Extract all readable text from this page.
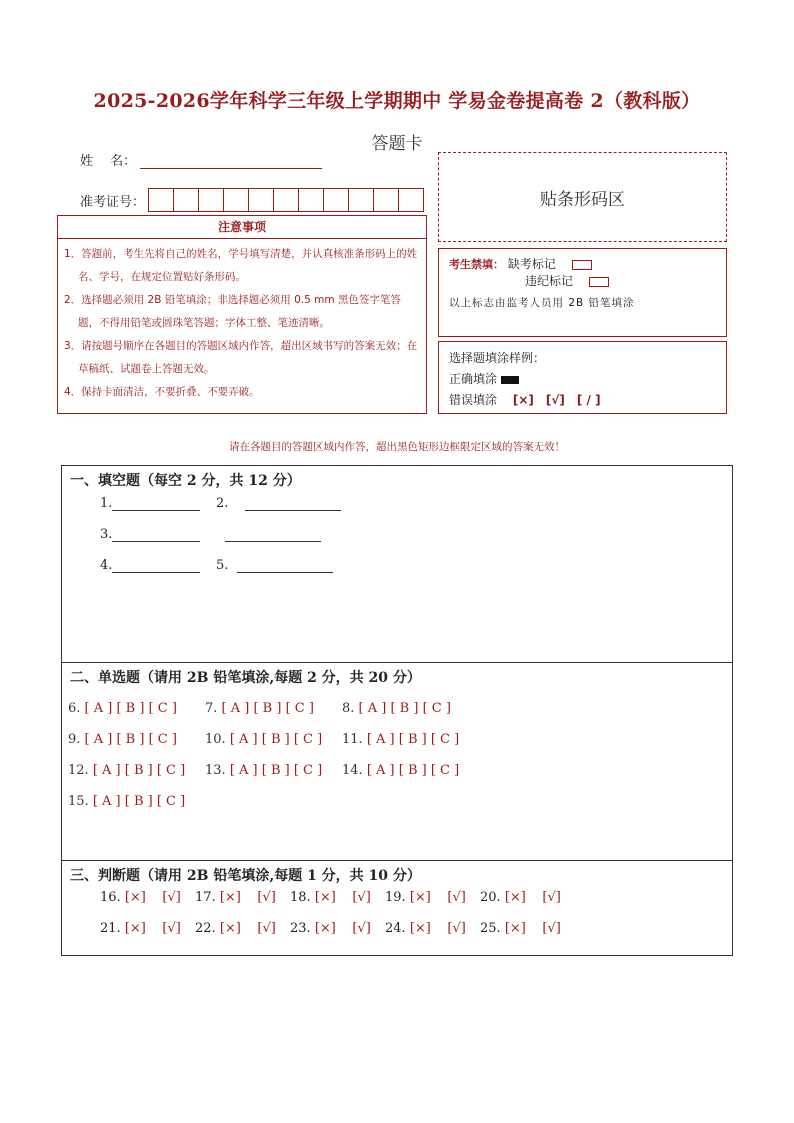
2025-2026学年科学三年级上学期期中 学易金卷提高卷 2（教科版）
答题卡
姓　 名：
准考证号：	贴条形码区
注意事项
1．答题前，考生先将自己的姓名，学号填写清楚，并认真核准条形码上的姓名、学号，在规定位置贴好条形码。
2．选择题必须用 2B 铅笔填涂；非选择题必须用 0.5 mm 黑色签字笔答题，不得用铅笔或圆珠笔答题；字体工整、笔迹清晰。
3．请按题号顺序在各题目的答题区域内作答，超出区域书写的答案无效；在草稿纸、试题卷上答题无效。
4．保持卡面清洁，不要折叠、不要弄破。
考生禁填： 缺考标记
违纪标记
以上标志由监考人员用 2B 铅笔填涂
选择题填涂样例：
正确填涂
错误填涂 [×]　[√]　[ / ]
请在各题目的答题区域内作答，超出黑色矩形边框限定区域的答案无效！
一、填空题（每空 2 分，共 12 分）
1.	2.
3.
4.	5.
二、单选题（请用 2B 铅笔填涂,每题 2 分，共 20 分）
6. [ A ] [ B ] [ C ] 7. [ A ] [ B ] [ C ] 8. [ A ] [ B ] [ C ]
9. [ A ] [ B ] [ C ] 10. [ A ] [ B ] [ C ] 11. [ A ] [ B ] [ C ]
12. [ A ] [ B ] [ C ] 13. [ A ] [ B ] [ C ] 14. [ A ] [ B ] [ C ]
15. [ A ] [ B ] [ C ]
三、判断题（请用 2B 铅笔填涂,每题 1 分，共 10 分）
16. [×] [√] 17. [×] [√] 18. [×] [√] 19. [×] [√] 20. [×] [√]
21. [×] [√] 22. [×] [√] 23. [×] [√] 24. [×] [√] 25. [×] [√]
